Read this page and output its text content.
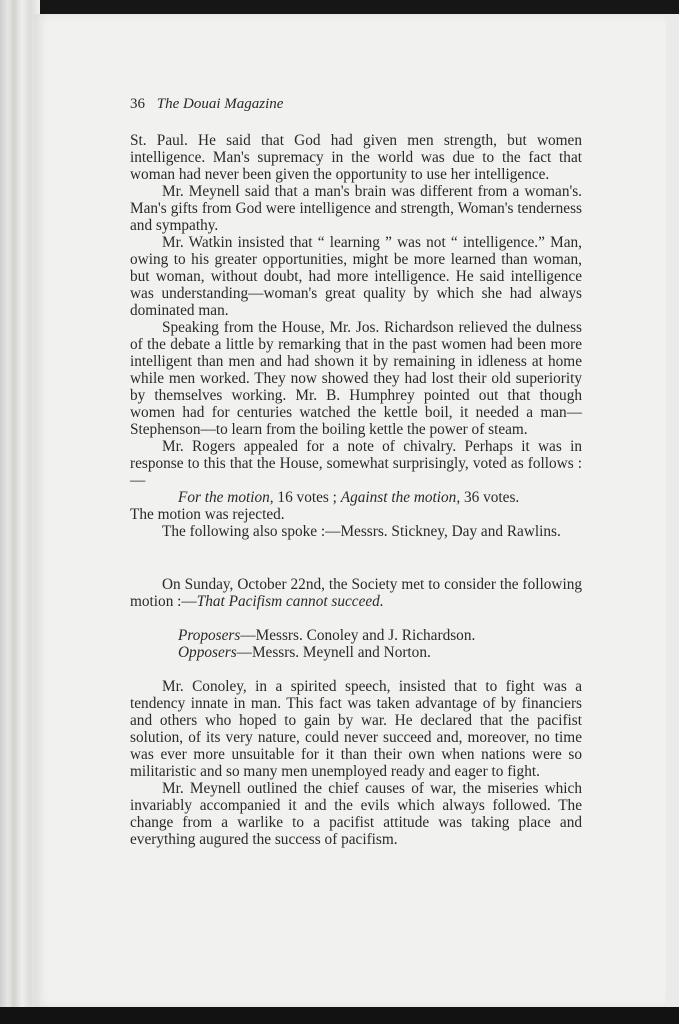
36 The Douai Magazine

St. Paul. He said that God had given men strength, but women intelligence. Man's supremacy in the world was due to the fact that woman had never been given the opportunity to use her intelligence.

Mr. Meynell said that a man's brain was different from a woman's. Man's gifts from God were intelligence and strength, Woman's tenderness and sympathy.

Mr. Watkin insisted that “ learning ” was not “ intelligence.” Man, owing to his greater opportunities, might be more learned than woman, but woman, without doubt, had more intelligence. He said intelligence was understanding—woman's great quality by which she had always dominated man.

Speaking from the House, Mr. Jos. Richardson relieved the dulness of the debate a little by remarking that in the past women had been more intelligent than men and had shown it by remaining in idleness at home while men worked. They now showed they had lost their old superiority by themselves working. Mr. B. Humphrey pointed out that though women had for centuries watched the kettle boil, it needed a man—Stephenson—to learn from the boiling kettle the power of steam.

Mr. Rogers appealed for a note of chivalry. Perhaps it was in response to this that the House, somewhat surprisingly, voted as follows :—

For the motion, 16 votes ; Against the motion, 36 votes.

The motion was rejected.

The following also spoke :—Messrs. Stickney, Day and Rawlins.

On Sunday, October 22nd, the Society met to consider the following motion :—That Pacifism cannot succeed.

Proposers—Messrs. Conoley and J. Richardson.

Opposers—Messrs. Meynell and Norton.

Mr. Conoley, in a spirited speech, insisted that to fight was a tendency innate in man. This fact was taken advantage of by financiers and others who hoped to gain by war. He declared that the pacifist solution, of its very nature, could never succeed and, moreover, no time was ever more unsuitable for it than their own when nations were so militaristic and so many men unemployed ready and eager to fight.

Mr. Meynell outlined the chief causes of war, the miseries which invariably accompanied it and the evils which always followed. The change from a warlike to a pacifist attitude was taking place and everything augured the success of pacifism.
